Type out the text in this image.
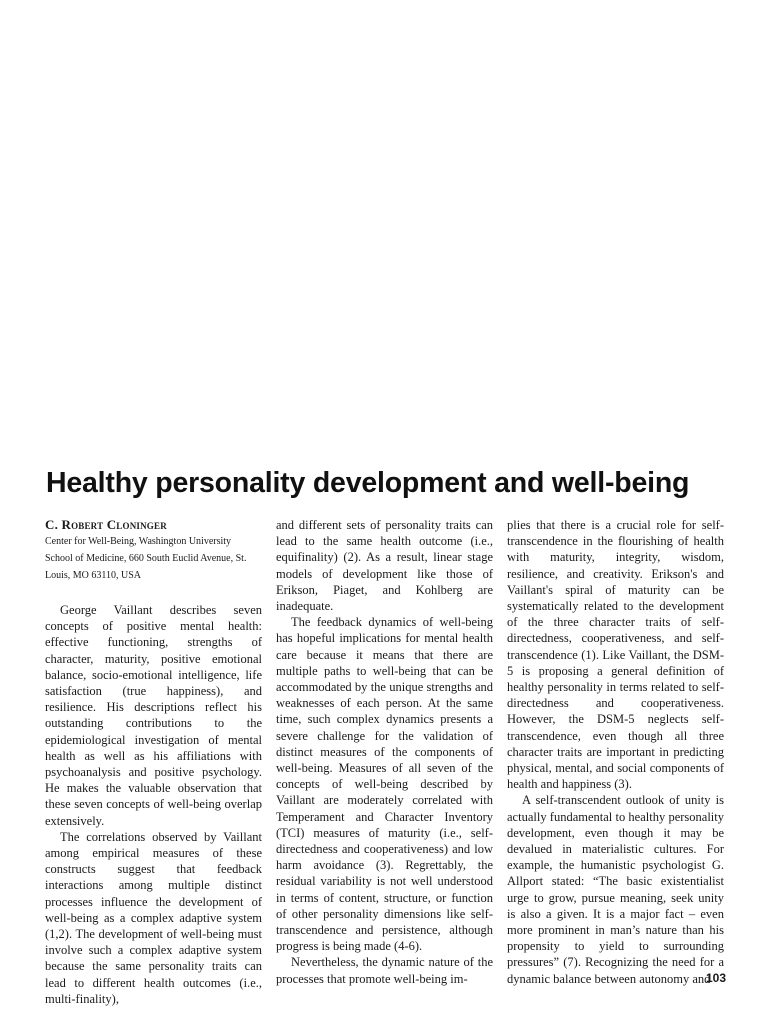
Healthy personality development and well-being

C. Robert Cloninger

Center for Well-Being, Washington University

School of Medicine, 660 South Euclid Avenue, St.

Louis, MO 63110, USA

George Vaillant describes seven concepts of positive mental health: effective functioning, strengths of character, maturity, positive emotional balance, socio-emotional intelligence, life satisfaction (true happiness), and resilience. His descriptions reflect his outstanding contributions to the epidemiological investigation of mental health as well as his affiliations with psychoanalysis and positive psychology. He makes the valuable observation that these seven concepts of well-being overlap extensively.

The correlations observed by Vaillant among empirical measures of these constructs suggest that feedback interactions among multiple distinct processes influence the development of well-being as a complex adaptive system (1,2). The development of well-being must involve such a complex adaptive system because the same personality traits can lead to different health outcomes (i.e., multi-finality),

and different sets of personality traits can lead to the same health outcome (i.e., equifinality) (2). As a result, linear stage models of development like those of Erikson, Piaget, and Kohlberg are inadequate.

The feedback dynamics of well-being has hopeful implications for mental health care because it means that there are multiple paths to well-being that can be accommodated by the unique strengths and weaknesses of each person. At the same time, such complex dynamics presents a severe challenge for the validation of distinct measures of the components of well-being. Measures of all seven of the concepts of well-being described by Vaillant are moderately correlated with Temperament and Character Inventory (TCI) measures of maturity (i.e., self-directedness and cooperativeness) and low harm avoidance (3). Regrettably, the residual variability is not well understood in terms of content, structure, or function of other personality dimensions like self-transcendence and persistence, although progress is being made (4-6).

Nevertheless, the dynamic nature of the processes that promote well-being im-

plies that there is a crucial role for self-transcendence in the flourishing of health with maturity, integrity, wisdom, resilience, and creativity. Erikson's and Vaillant's spiral of maturity can be systematically related to the development of the three character traits of self-directedness, cooperativeness, and self-transcendence (1). Like Vaillant, the DSM-5 is proposing a general definition of healthy personality in terms related to self-directedness and cooperativeness. However, the DSM-5 neglects self-transcendence, even though all three character traits are important in predicting physical, mental, and social components of health and happiness (3).

A self-transcendent outlook of unity is actually fundamental to healthy personality development, even though it may be devalued in materialistic cultures. For example, the humanistic psychologist G. Allport stated: “The basic existentialist urge to grow, pursue meaning, seek unity is also a given. It is a major fact – even more prominent in man’s nature than his propensity to yield to surrounding pressures” (7). Recognizing the need for a dynamic balance between autonomy and

103
